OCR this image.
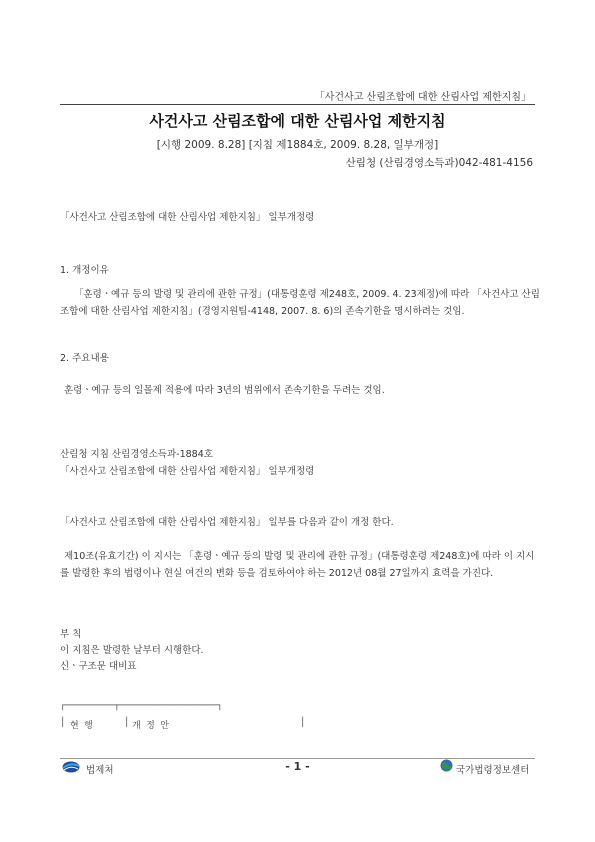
「사건사고 산림조합에 대한 산림사업 제한지침」
사건사고 산림조합에 대한 산림사업 제한지침
[시행 2009. 8.28] [지침 제1884호, 2009. 8.28, 일부개정]
산림청 (산림경영소득과)042-481-4156
「사건사고 산림조합에 대한 산림사업 제한지침」 일부개정령
1. 개정이유
「훈령ㆍ예규 등의 발령 및 관리에 관한 규정」(대통령훈령 제248호, 2009. 4. 23제정)에 따라 「사건사고 산림조합에 대한 산림사업 제한지침」(경영지원팀-4148, 2007. 8. 6)의 존속기한을 명시하려는 것임.
2. 주요내용
훈령ㆍ예규 등의 일몰제 적용에 따라 3년의 범위에서 존속기한을 두려는 것임.
산림청 지침 산림경영소득과-1884호
「사건사고 산림조합에 대한 산림사업 제한지침」 일부개정령
「사건사고 산림조합에 대한 산림사업 제한지침」 일부를 다음과 같이 개정 한다.
제10조(유효기간) 이 지시는 「훈령ㆍ예규 등의 발령 및 관리에 관한 규정」(대통령훈령 제248호)에 따라 이 지시를 발령한 후의 법령이나 현실 여건의 변화 등을 검토하여야 하는 2012년 08월 27일까지 효력을 가진다.
부 칙
이 지침은 발령한 날부터 시행한다.
신ㆍ구조문 대비표
┌─────────┬──────────────────┐
│ 현 행	│ 개 정 안	│
법제처	- 1 -	국가법령정보센터
